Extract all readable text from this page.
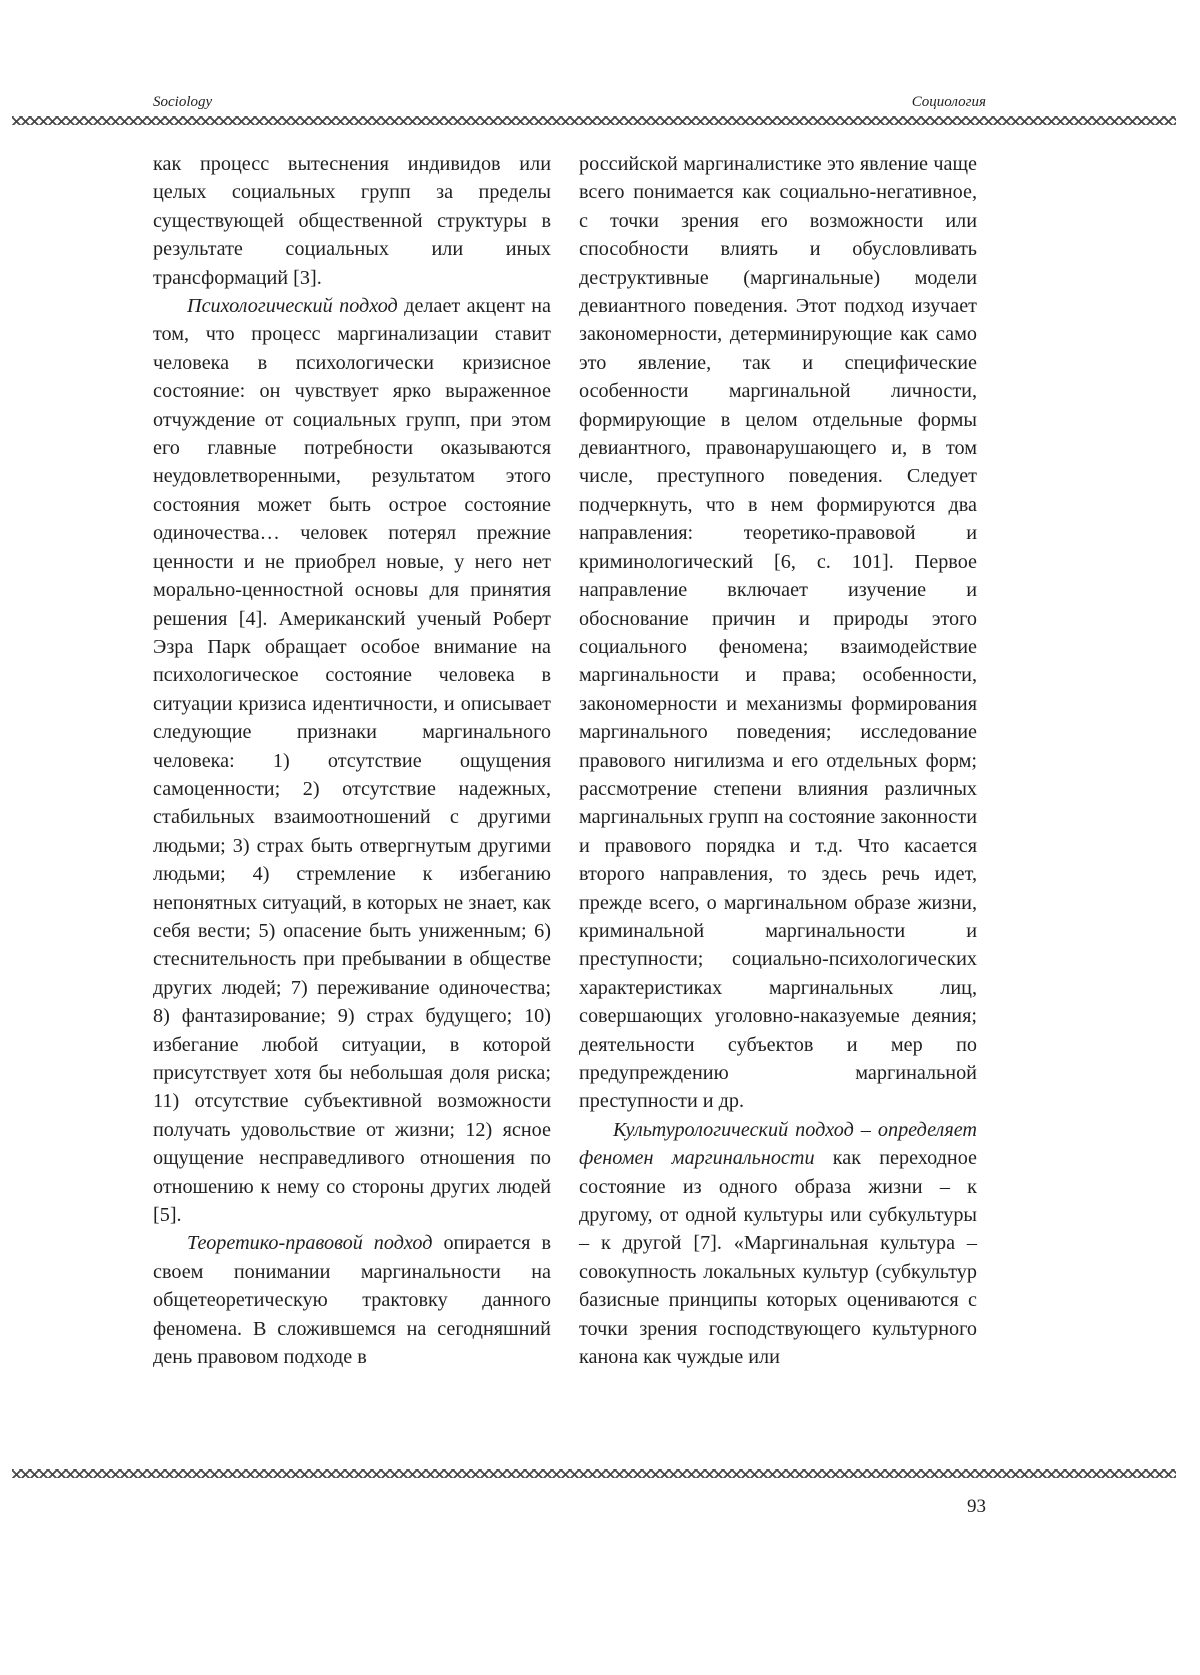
Sociology	Социология

как процесс вытеснения индивидов или целых социальных групп за пределы существующей общественной структуры в результате социальных или иных трансформаций [3].

Психологический подход делает акцент на том, что процесс маргинализации ставит человека в психологически кризисное состояние: он чувствует ярко выраженное отчуждение от социальных групп, при этом его главные потребности оказываются неудовлетворенными, результатом этого состояния может быть острое состояние одиночества… человек потерял прежние ценности и не приобрел новые, у него нет морально-ценностной основы для принятия решения [4]. Американский ученый Роберт Эзра Парк обращает особое внимание на психологическое состояние человека в ситуации кризиса идентичности, и описывает следующие признаки маргинального человека: 1) отсутствие ощущения самоценности; 2) отсутствие надежных, стабильных взаимоотношений с другими людьми; 3) страх быть отвергнутым другими людьми; 4) стремление к избеганию непонятных ситуаций, в которых не знает, как себя вести; 5) опасение быть униженным; 6) стеснительность при пребывании в обществе других людей; 7) переживание одиночества; 8) фантазирование; 9) страх будущего; 10) избегание любой ситуации, в которой присутствует хотя бы небольшая доля риска; 11) отсутствие субъективной возможности получать удовольствие от жизни; 12) ясное ощущение несправедливого отношения по отношению к нему со стороны других людей [5].

Теоретико-правовой подход опирается в своем понимании маргинальности на общетеоретическую трактовку данного феномена. В сложившемся на сегодняшний день правовом подходе в

российской маргиналистике это явление чаще всего понимается как социально-негативное, с точки зрения его возможности или способности влиять и обусловливать деструктивные (маргинальные) модели девиантного поведения. Этот подход изучает закономерности, детерминирующие как само это явление, так и специфические особенности маргинальной личности, формирующие в целом отдельные формы девиантного, правонарушающего и, в том числе, преступного поведения. Следует подчеркнуть, что в нем формируются два направления: теоретико-правовой и криминологический [6, с. 101]. Первое направление включает изучение и обоснование причин и природы этого социального феномена; взаимодействие маргинальности и права; особенности, закономерности и механизмы формирования маргинального поведения; исследование правового нигилизма и его отдельных форм; рассмотрение степени влияния различных маргинальных групп на состояние законности и правового порядка и т.д. Что касается второго направления, то здесь речь идет, прежде всего, о маргинальном образе жизни, криминальной маргинальности и преступности; социально-психологических характеристиках маргинальных лиц, совершающих уголовно-наказуемые деяния; деятельности субъектов и мер по предупреждению маргинальной преступности и др.

Культурологический подход – определяет феномен маргинальности как переходное состояние из одного образа жизни – к другому, от одной культуры или субкультуры – к другой [7]. «Маргинальная культура – совокупность локальных культур (субкультур базисные принципы которых оцениваются с точки зрения господствующего культурного канона как чуждые или

93
